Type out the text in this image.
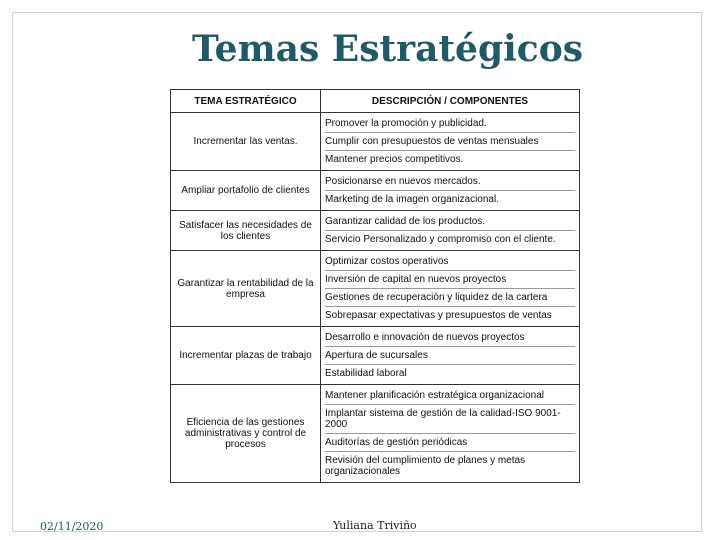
Temas Estratégicos
TEMA ESTRATÉGICO	DESCRIPCIÓN / COMPONENTES
Incrementar las ventas.	Promover la promoción y publicidad.
Cumplir con presupuestos de ventas mensuales
Mantener precios competitivos.

Ampliar portafolio de clientes	Posicionarse en nuevos mercados.
Marketing de la imagen organizacional.

Satisfacer las necesidades de los clientes	Garantizar calidad de los productos.
Servicio Personalizado y compromiso con el cliente.

Garantizar la rentabilidad de la empresa	Optimizar costos operativos
Inversión de capital en nuevos proyectos
Gestiones de recuperación y liquidez de la cartera
Sobrepasar expectativas y presupuestos de ventas

Incrementar plazas de trabajo	Desarrollo e innovación de nuevos proyectos
Apertura de sucursales
Estabilidad laboral

Eficiencia de las gestiones administrativas y control de procesos	Mantener planificación estratégica organizacional
Implantar sistema de gestión de la calidad-ISO 9001-2000
Auditorías de gestión periódicas
Revisión del cumplimiento de planes y metas organizacionales
02/11/2020	Yuliana Triviño
